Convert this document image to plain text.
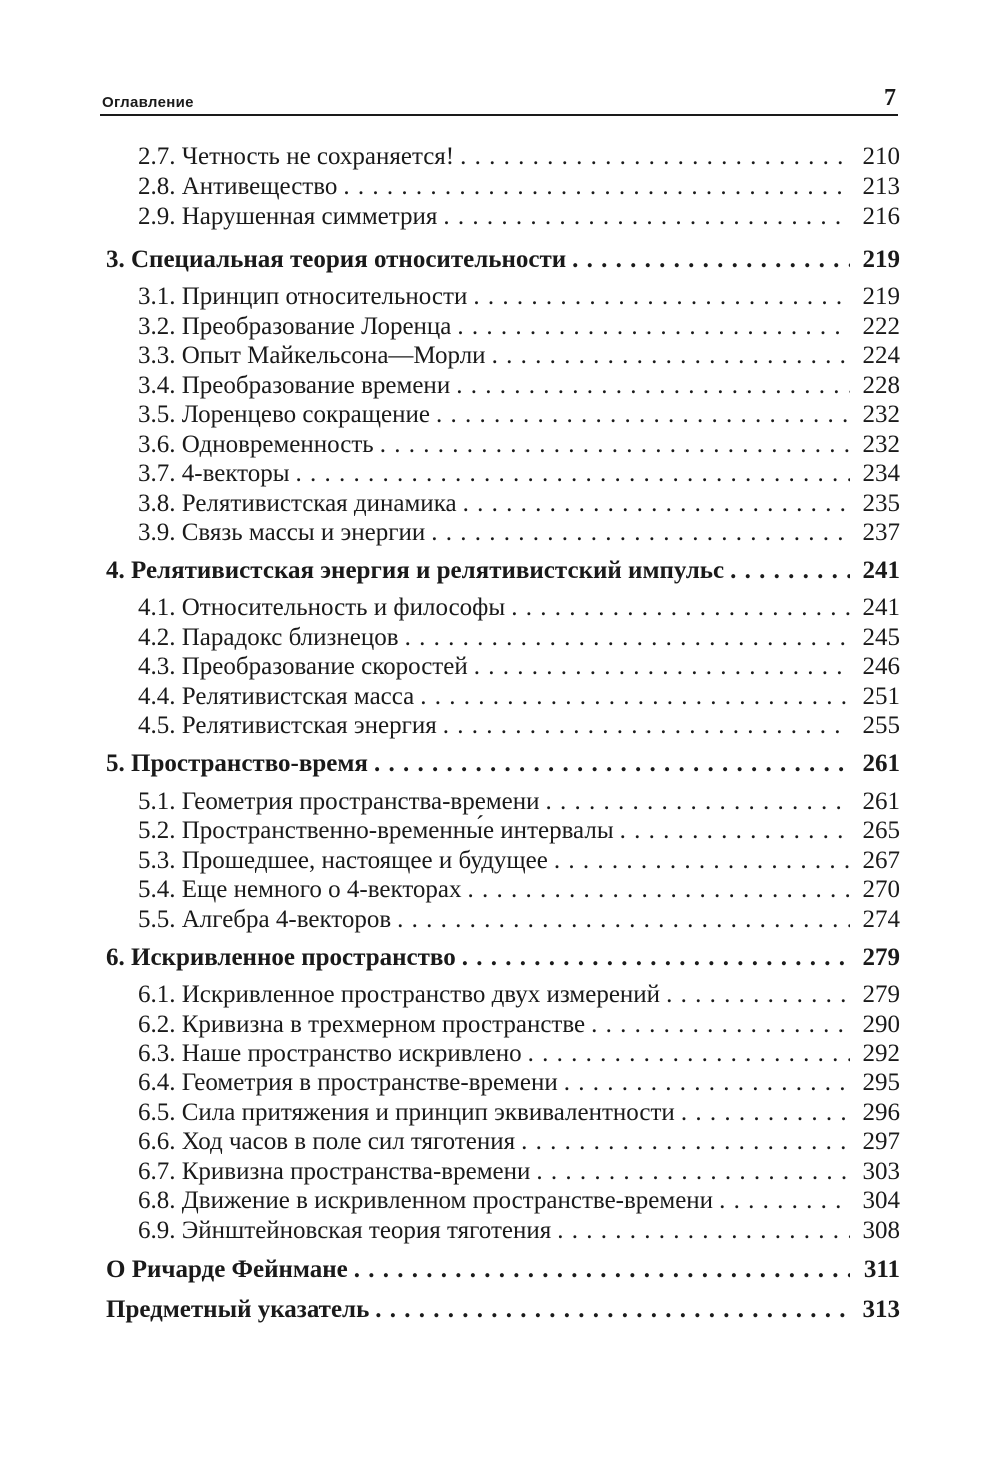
Оглавление	7
2.7. Четность не сохраняется! . . .	210
2.8. Антивещество . . .	213
2.9. Нарушенная симметрия . . .	216
3. Специальная теория относительности . . .	219
3.1. Принцип относительности . . .	219
3.2. Преобразование Лоренца . . .	222
3.3. Опыт Майкельсона—Морли . . .	224
3.4. Преобразование времени . . .	228
3.5. Лоренцево сокращение . . .	232
3.6. Одновременность . . .	232
3.7. 4-векторы . . .	234
3.8. Релятивистская динамика . . .	235
3.9. Связь массы и энергии . . .	237
4. Релятивистская энергия и релятивистский импульс . . .	241
4.1. Относительность и философы . . .	241
4.2. Парадокс близнецов . . .	245
4.3. Преобразование скоростей . . .	246
4.4. Релятивистская масса . . .	251
4.5. Релятивистская энергия . . .	255
5. Пространство-время . . .	261
5.1. Геометрия пространства-времени . . .	261
5.2. Пространственно-временны́е интервалы . . .	265
5.3. Прошедшее, настоящее и будущее . . .	267
5.4. Еще немного о 4-векторах . . .	270
5.5. Алгебра 4-векторов . . .	274
6. Искривленное пространство . . .	279
6.1. Искривленное пространство двух измерений . . .	279
6.2. Кривизна в трехмерном пространстве . . .	290
6.3. Наше пространство искривлено . . .	292
6.4. Геометрия в пространстве-времени . . .	295
6.5. Сила притяжения и принцип эквивалентности . . .	296
6.6. Ход часов в поле сил тяготения . . .	297
6.7. Кривизна пространства-времени . . .	303
6.8. Движение в искривленном пространстве-времени . . .	304
6.9. Эйнштейновская теория тяготения . . .	308
О Ричарде Фейнмане . . .	311
Предметный указатель . . .	313
